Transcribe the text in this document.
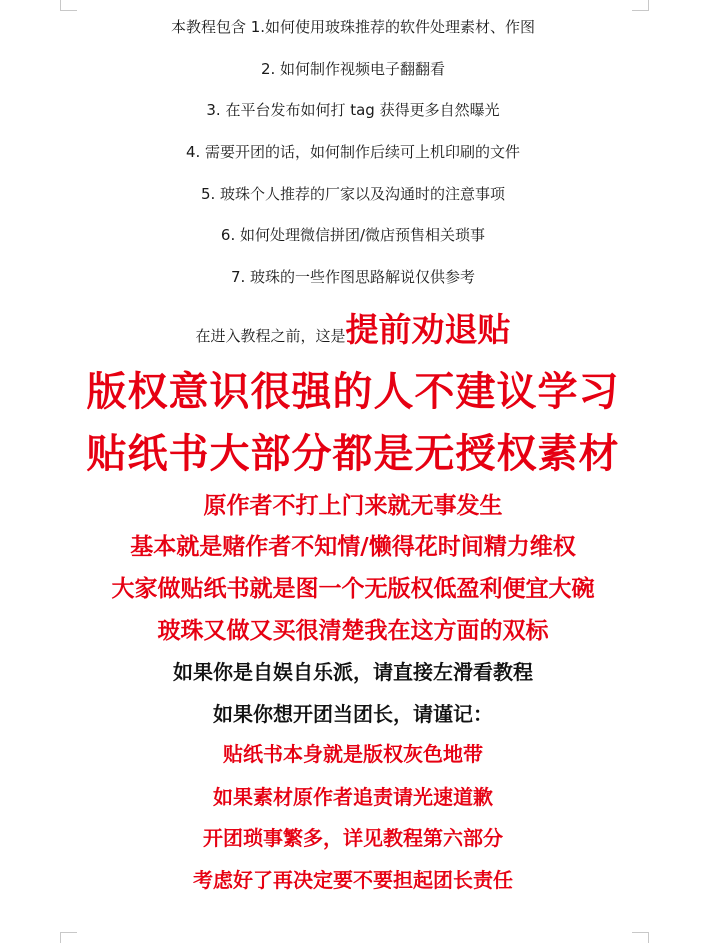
本教程包含 1.如何使用玻珠推荐的软件处理素材、作图
2. 如何制作视频电子翻翻看
3. 在平台发布如何打 tag 获得更多自然曝光
4. 需要开团的话，如何制作后续可上机印刷的文件
5. 玻珠个人推荐的厂家以及沟通时的注意事项
6. 如何处理微信拼团/微店预售相关琐事
7. 玻珠的一些作图思路解说仅供参考
在进入教程之前，这是提前劝退贴
版权意识很强的人不建议学习
贴纸书大部分都是无授权素材
原作者不打上门来就无事发生
基本就是赌作者不知情/懒得花时间精力维权
大家做贴纸书就是图一个无版权低盈利便宜大碗
玻珠又做又买很清楚我在这方面的双标
如果你是自娱自乐派，请直接左滑看教程
如果你想开团当团长，请谨记：
贴纸书本身就是版权灰色地带
如果素材原作者追责请光速道歉
开团琐事繁多，详见教程第六部分
考虑好了再决定要不要担起团长责任
